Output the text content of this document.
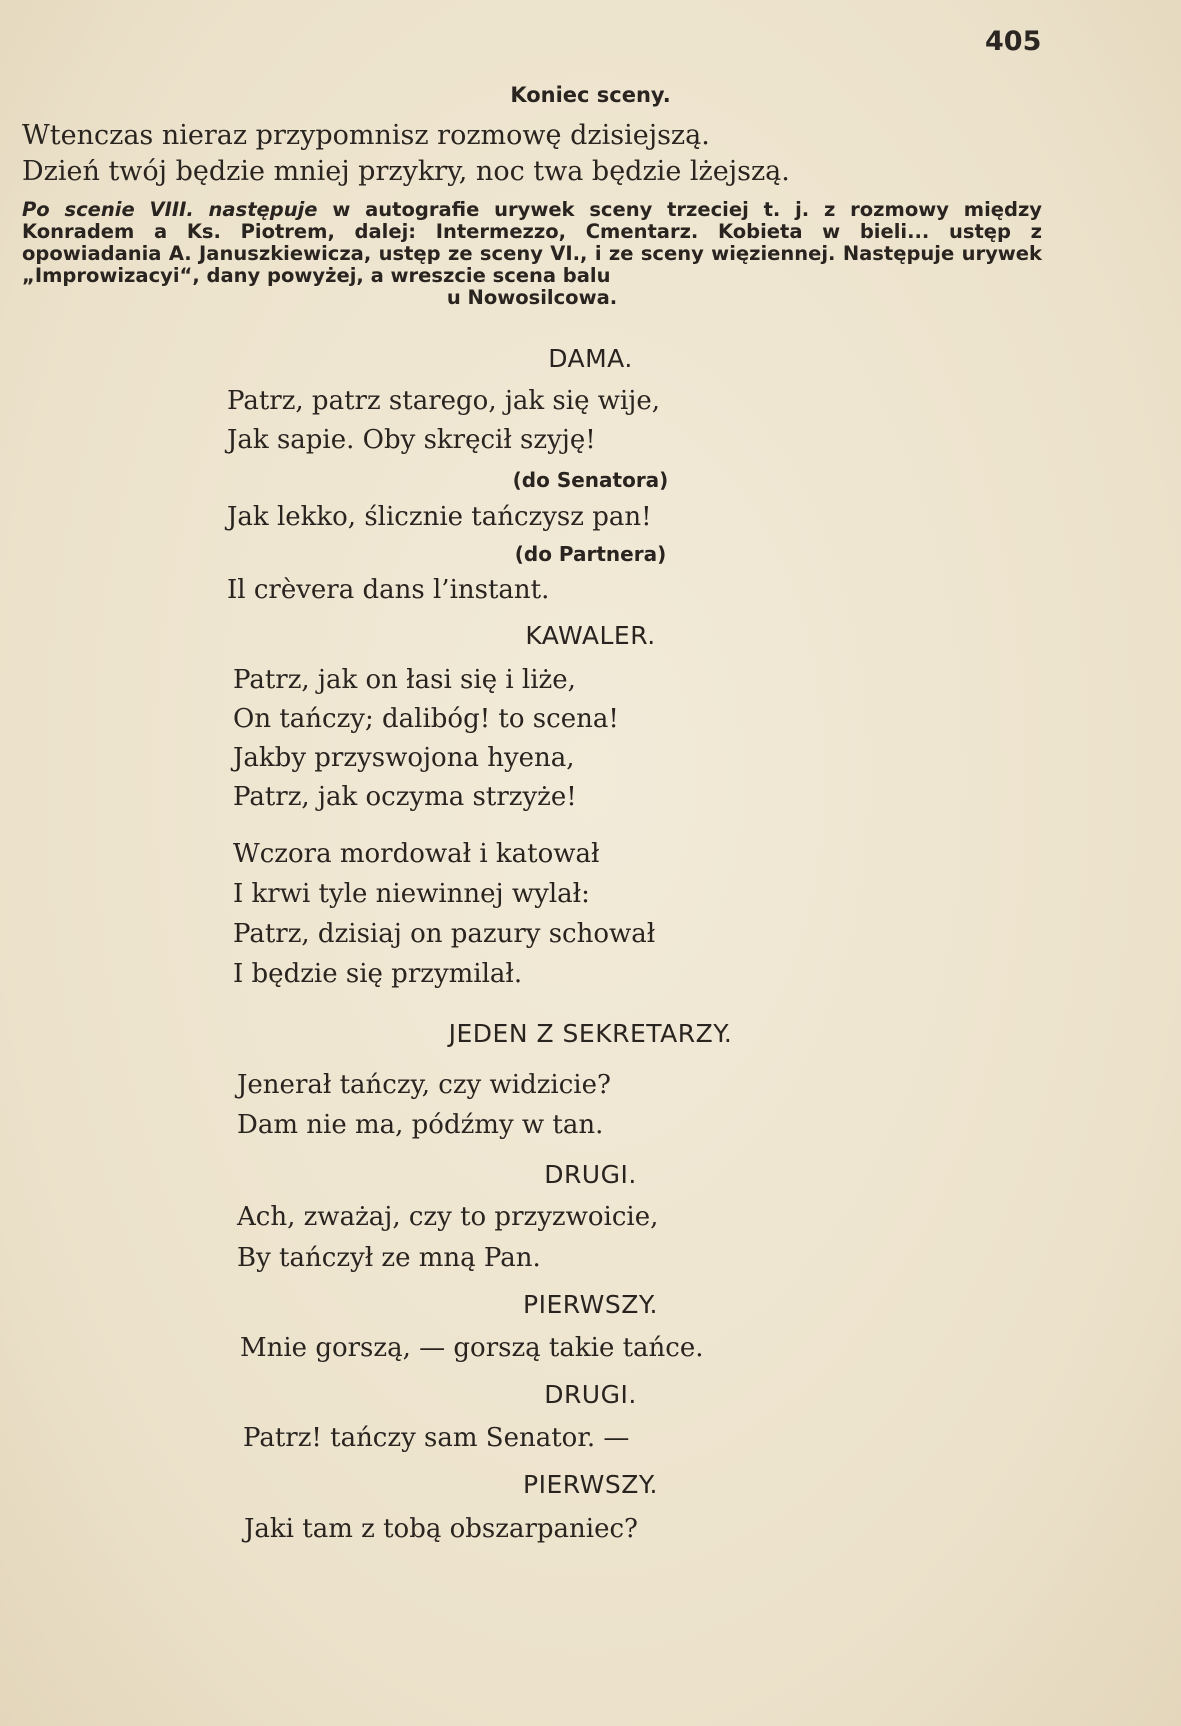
405
Koniec sceny.
Wtenczas nieraz przypomnisz rozmowę dzisiejszą.
Dzień twój będzie mniej przykry, noc twa będzie lżejszą.
Po scenie VIII. następuje w autografie urywek sceny trzeciej t. j. z rozmowy między Konradem a Ks. Piotrem, dalej: Intermezzo, Cmentarz. Kobieta w bieli... ustęp z opowiadania A. Januszkiewicza, ustęp ze sceny VI., i ze sceny więziennej. Następuje urywek „Improwizacyi“, dany powyżej, a wreszcie scena balu
u Nowosilcowa.
DAMA.
Patrz, patrz starego, jak się wije,
Jak sapie. Oby skręcił szyję!
(do Senatora)
Jak lekko, ślicznie tańczysz pan!
(do Partnera)
Il crèvera dans l’instant.
KAWALER.
Patrz, jak on łasi się i liże,
On tańczy; dalibóg! to scena!
Jakby przyswojona hyena,
Patrz, jak oczyma strzyże!
Wczora mordował i katował
I krwi tyle niewinnej wylał:
Patrz, dzisiaj on pazury schował
I będzie się przymilał.
JEDEN Z SEKRETARZY.
Jenerał tańczy, czy widzicie?
Dam nie ma, pódźmy w tan.
DRUGI.
Ach, zważaj, czy to przyzwoicie,
By tańczył ze mną Pan.
PIERWSZY.
Mnie gorszą, — gorszą takie tańce.
DRUGI.
Patrz! tańczy sam Senator. —
PIERWSZY.
Jaki tam z tobą obszarpaniec?
